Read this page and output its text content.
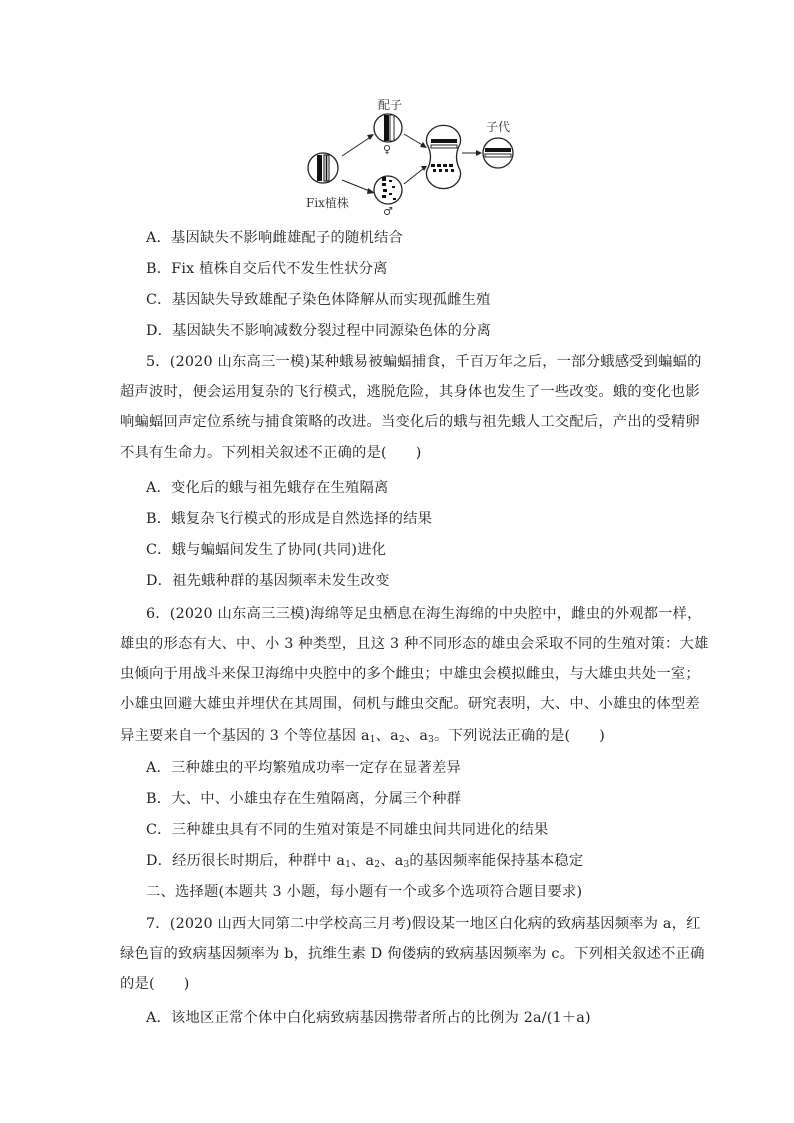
配子
子代
Fix植株
♀
♂
A．基因缺失不影响雌雄配子的随机结合
B．Fix 植株自交后代不发生性状分离
C．基因缺失导致雄配子染色体降解从而实现孤雌生殖
D．基因缺失不影响减数分裂过程中同源染色体的分离
5．(2020 山东高三一模)某种蛾易被蝙蝠捕食，千百万年之后，一部分蛾感受到蝙蝠的
超声波时，便会运用复杂的飞行模式，逃脱危险，其身体也发生了一些改变。蛾的变化也影
响蝙蝠回声定位系统与捕食策略的改进。当变化后的蛾与祖先蛾人工交配后，产出的受精卵
不具有生命力。下列相关叙述不正确的是(　　)
A．变化后的蛾与祖先蛾存在生殖隔离
B．蛾复杂飞行模式的形成是自然选择的结果
C．蛾与蝙蝠间发生了协同(共同)进化
D．祖先蛾种群的基因频率未发生改变
6．(2020 山东高三三模)海绵等足虫栖息在海生海绵的中央腔中，雌虫的外观都一样，
雄虫的形态有大、中、小 3 种类型，且这 3 种不同形态的雄虫会采取不同的生殖对策：大雄
虫倾向于用战斗来保卫海绵中央腔中的多个雌虫；中雄虫会模拟雌虫，与大雄虫共处一室；
小雄虫回避大雄虫并埋伏在其周围，伺机与雌虫交配。研究表明，大、中、小雄虫的体型差
异主要来自一个基因的 3 个等位基因 $a_1$、$a_2$、$a_3$。下列说法正确的是(　　)
A．三种雄虫的平均繁殖成功率一定存在显著差异
B．大、中、小雄虫存在生殖隔离，分属三个种群
C．三种雄虫具有不同的生殖对策是不同雄虫间共同进化的结果
D．经历很长时期后，种群中 $a_1$、$a_2$、$a_3$的基因频率能保持基本稳定
二、选择题(本题共 3 小题，每小题有一个或多个选项符合题目要求)
7．(2020 山西大同第二中学校高三月考)假设某一地区白化病的致病基因频率为 a，红
绿色盲的致病基因频率为 b，抗维生素 D 佝偻病的致病基因频率为 c。下列相关叙述不正确
的是(　　)
A．该地区正常个体中白化病致病基因携带者所占的比例为 2a/(1＋a)
